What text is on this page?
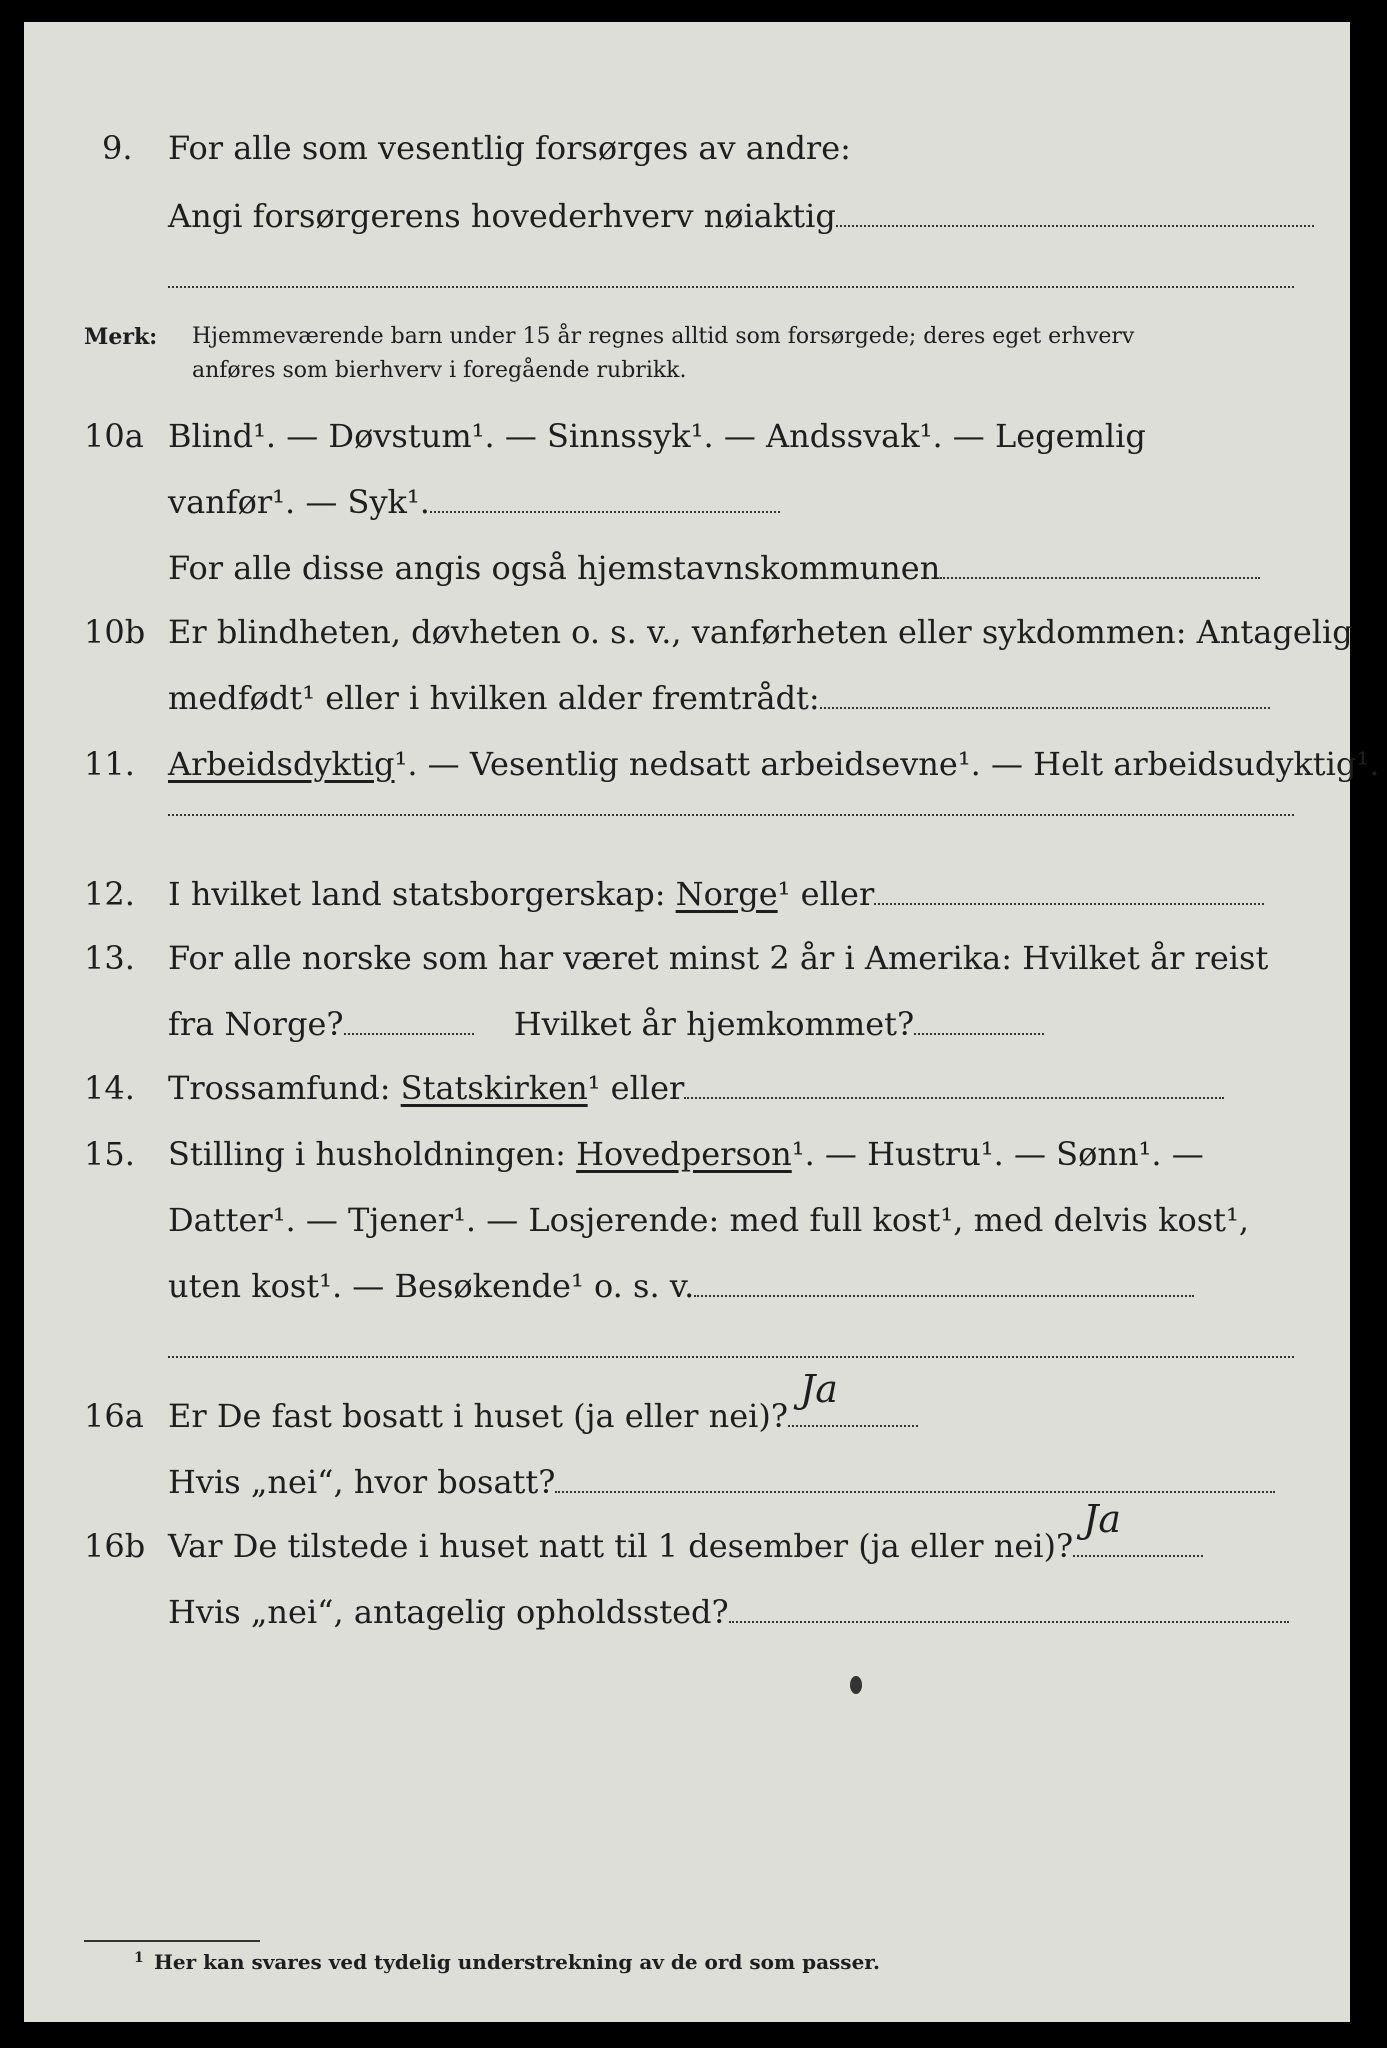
9. For alle som vesentlig forsørges av andre:
Angi forsørgerens hovederhverv nøiaktig
Merk: Hjemmeværende barn under 15 år regnes alltid som forsørgede; deres eget erhverv
anføres som bierhverv i foregående rubrikk.
10a Blind¹. — Døvstum¹. — Sinnssyk¹. — Andssvak¹. — Legemlig
vanfør¹. — Syk¹.
For alle disse angis også hjemstavnskommunen
10b Er blindheten, døvheten o. s. v., vanførheten eller sykdommen: Antagelig
medfødt¹ eller i hvilken alder fremtrådt:
11. Arbeidsdyktig¹. — Vesentlig nedsatt arbeidsevne¹. — Helt arbeidsudyktig¹.
12. I hvilket land statsborgerskap: Norge¹ eller
13. For alle norske som har været minst 2 år i Amerika: Hvilket år reist
fra Norge?	Hvilket år hjemkommet?
14. Trossamfund: Statskirken¹ eller
15. Stilling i husholdningen: Hovedperson¹. — Hustru¹. — Sønn¹. —
Datter¹. — Tjener¹. — Losjerende: med full kost¹, med delvis kost¹,
uten kost¹. — Besøkende¹ o. s. v.
16a Er De fast bosatt i huset (ja eller nei)?
Ja
Hvis „nei“, hvor bosatt?
16b Var De tilstede i huset natt til 1 desember (ja eller nei)?
Ja
Hvis „nei“, antagelig opholdssted?
1 Her kan svares ved tydelig understrekning av de ord som passer.
